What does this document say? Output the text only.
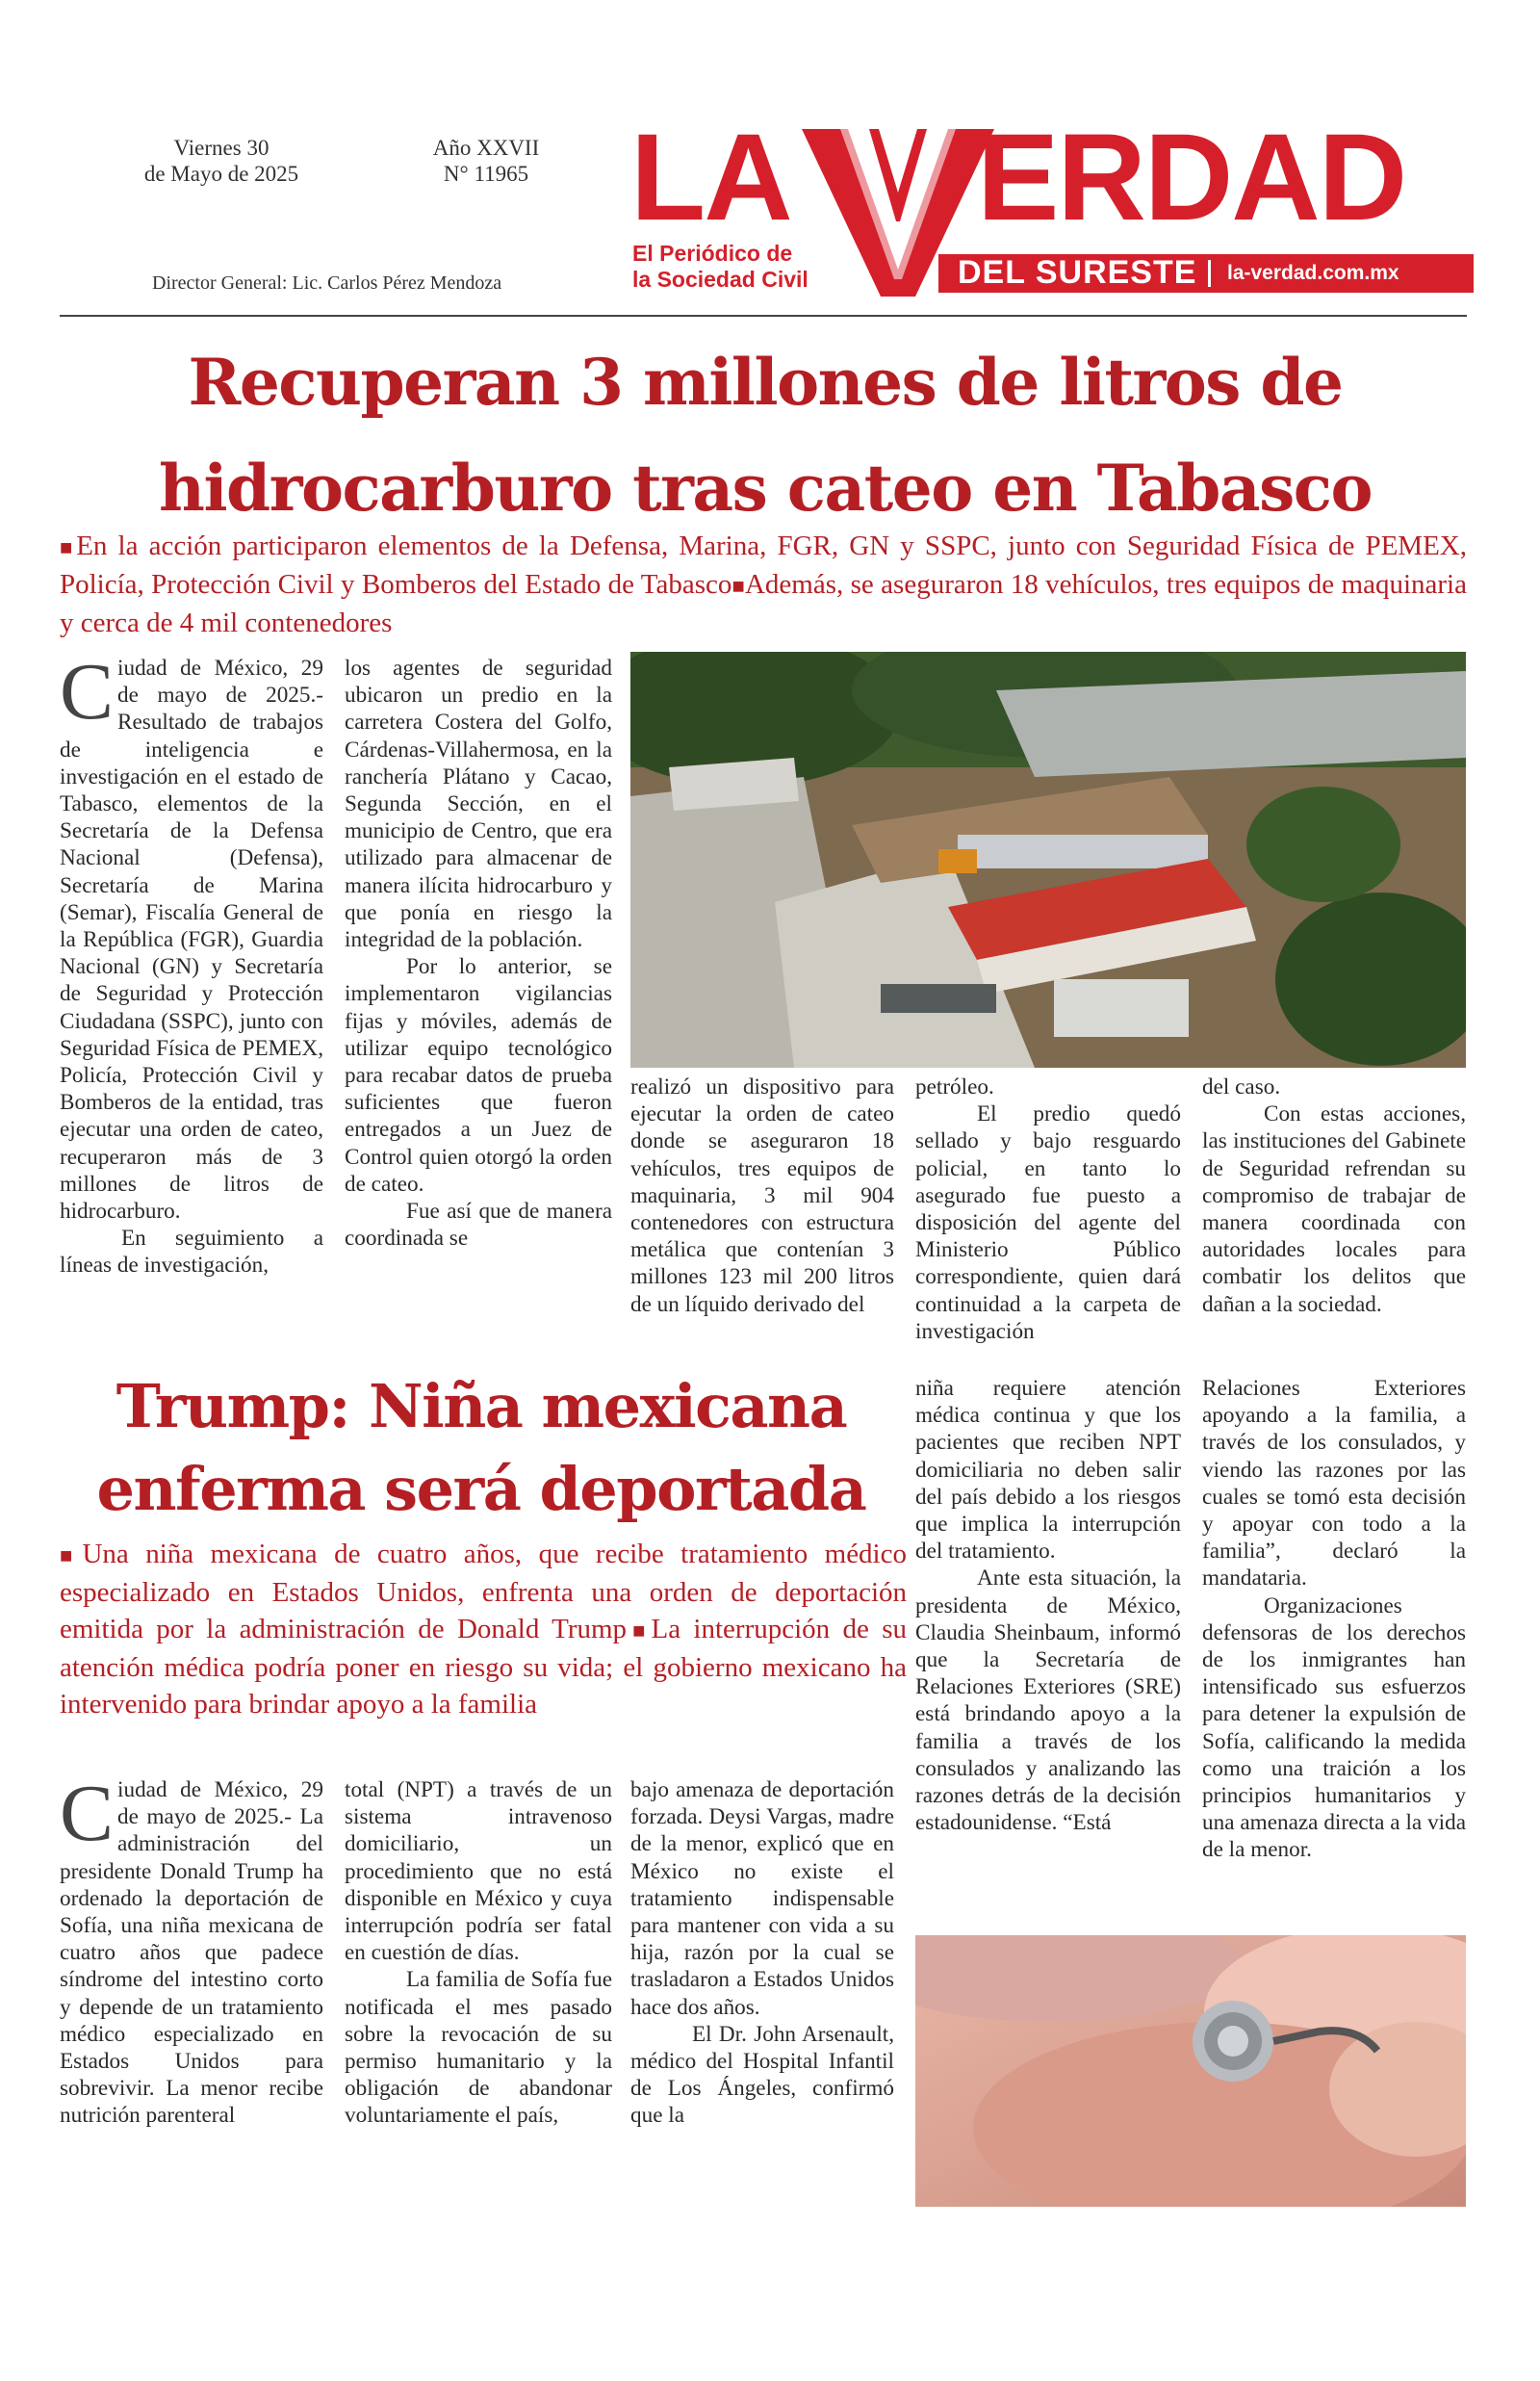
Viernes 30
de Mayo de 2025
Año XXVII
N° 11965
Director General: Lic. Carlos Pérez Mendoza
LA ERDAD
El Periódico de
la Sociedad Civil	DEL SURESTE la-verdad.com.mx
Recuperan 3 millones de litros de
hidrocarburo tras cateo en Tabasco
■En la acción participaron elementos de la Defensa, Marina, FGR, GN y SSPC, junto con Seguridad Física de PEMEX, Policía, Protección Civil y Bomberos del Estado de Tabasco■Además, se aseguraron 18 vehículos, tres equipos de maquinaria y cerca de 4 mil contenedores

Ciudad de México, 29 de mayo de 2025.- Resultado de trabajos de inteligencia e investigación en el estado de Tabasco, elementos de la Secretaría de la Defensa Nacional (Defensa), Secretaría de Marina (Semar), Fiscalía General de la República (FGR), Guardia Nacional (GN) y Secretaría de Seguridad y Protección Ciudadana (SSPC), junto con Seguridad Física de PEMEX, Policía, Protección Civil y Bomberos de la entidad, tras ejecutar una orden de cateo, recuperaron más de 3 millones de litros de hidrocarburo.

En seguimiento a líneas de investigación,

los agentes de seguridad ubicaron un predio en la carretera Costera del Golfo, Cárdenas-Villahermosa, en la ranchería Plátano y Cacao, Segunda Sección, en el municipio de Centro, que era utilizado para almacenar de manera ilícita hidrocarburo y que ponía en riesgo la integridad de la población.

Por lo anterior, se implementaron vigilancias fijas y móviles, además de utilizar equipo tecnológico para recabar datos de prueba suficientes que fueron entregados a un Juez de Control quien otorgó la orden de cateo.

Fue así que de manera coordinada se

realizó un dispositivo para ejecutar la orden de cateo donde se aseguraron 18 vehículos, tres equipos de maquinaria, 3 mil 904 contenedores con estructura metálica que contenían 3 millones 123 mil 200 litros de un líquido derivado del

petróleo.

El predio quedó sellado y bajo resguardo policial, en tanto lo asegurado fue puesto a disposición del agente del Ministerio Público correspondiente, quien dará continuidad a la carpeta de investigación

del caso.

Con estas acciones, las instituciones del Gabinete de Seguridad refrendan su compromiso de trabajar de manera coordinada con autoridades locales para combatir los delitos que dañan a la sociedad.

Trump: Niña mexicana
enferma será deportada
■Una niña mexicana de cuatro años, que recibe tratamiento médico especializado en Estados Unidos, enfrenta una orden de deportación emitida por la administración de Donald Trump■La interrupción de su atención médica podría poner en riesgo su vida; el gobierno mexicano ha intervenido para brindar apoyo a la familia

Ciudad de México, 29 de mayo de 2025.- La administración del presidente Donald Trump ha ordenado la deportación de Sofía, una niña mexicana de cuatro años que padece síndrome del intestino corto y depende de un tratamiento médico especializado en Estados Unidos para sobrevivir. La menor recibe nutrición parenteral

total (NPT) a través de un sistema intravenoso domiciliario, un procedimiento que no está disponible en México y cuya interrupción podría ser fatal en cuestión de días.

La familia de Sofía fue notificada el mes pasado sobre la revocación de su permiso humanitario y la obligación de abandonar voluntariamente el país,

bajo amenaza de deportación forzada. Deysi Vargas, madre de la menor, explicó que en México no existe el tratamiento indispensable para mantener con vida a su hija, razón por la cual se trasladaron a Estados Unidos hace dos años.

El Dr. John Arsenault, médico del Hospital Infantil de Los Ángeles, confirmó que la

niña requiere atención médica continua y que los pacientes que reciben NPT domiciliaria no deben salir del país debido a los riesgos que implica la interrupción del tratamiento.

Ante esta situación, la presidenta de México, Claudia Sheinbaum, informó que la Secretaría de Relaciones Exteriores (SRE) está brindando apoyo a la familia a través de los consulados y analizando las razones detrás de la decisión estadounidense. “Está

Relaciones Exteriores apoyando a la familia, a través de los consulados, y viendo las razones por las cuales se tomó esta decisión y apoyar con todo a la familia”, declaró la mandataria.

Organizaciones defensoras de los derechos de los inmigrantes han intensificado sus esfuerzos para detener la expulsión de Sofía, calificando la medida como una traición a los principios humanitarios y una amenaza directa a la vida de la menor.
